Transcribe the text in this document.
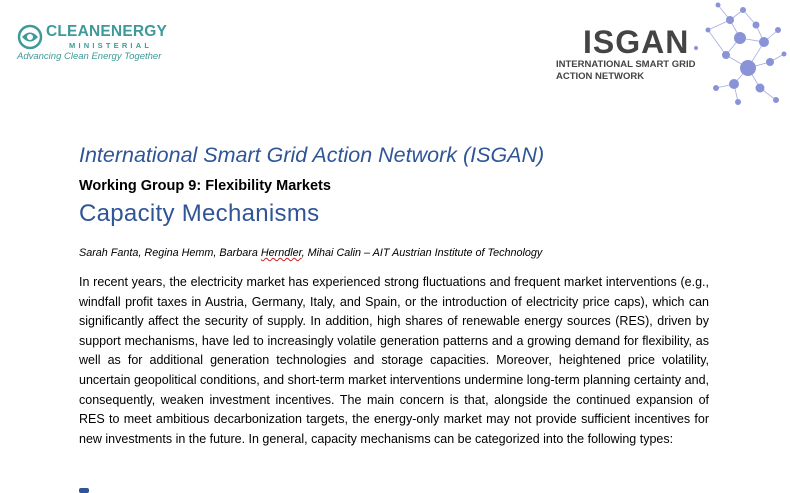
CLEANENERGY
MINISTERIAL
Advancing Clean Energy Together	ISGAN
INTERNATIONAL SMART GRID
ACTION NETWORK
International Smart Grid Action Network (ISGAN)
Working Group 9: Flexibility Markets
Capacity Mechanisms
Sarah Fanta, Regina Hemm, Barbara Herndler, Mihai Calin – AIT Austrian Institute of Technology

In recent years, the electricity market has experienced strong fluctuations and frequent market interventions (e.g., windfall profit taxes in Austria, Germany, Italy, and Spain, or the introduction of electricity price caps), which can significantly affect the security of supply. In addition, high shares of renewable energy sources (RES), driven by support mechanisms, have led to increasingly volatile generation patterns and a growing demand for flexibility, as well as for additional generation technologies and storage capacities. Moreover, heightened price volatility, uncertain geopolitical conditions, and short-term market interventions undermine long-term planning certainty and, consequently, weaken investment incentives. The main concern is that, alongside the continued expansion of RES to meet ambitious decarbonization targets, the energy-only market may not provide sufficient incentives for new investments in the future. In general, capacity mechanisms can be categorized into the following types:
